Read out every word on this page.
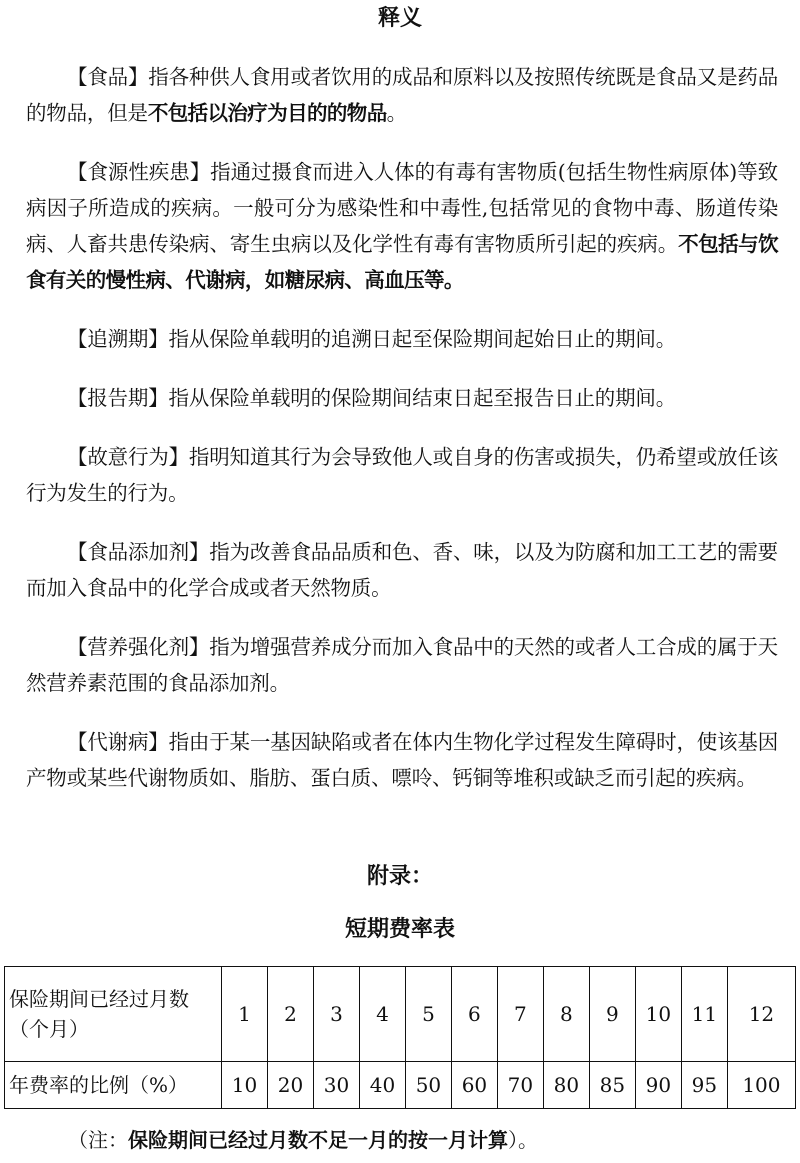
释义

【食品】指各种供人食用或者饮用的成品和原料以及按照传统既是食品又是药品的物品，但是不包括以治疗为目的的物品。

【食源性疾患】指通过摄食而进入人体的有毒有害物质(包括生物性病原体)等致病因子所造成的疾病。一般可分为感染性和中毒性,包括常见的食物中毒、肠道传染病、人畜共患传染病、寄生虫病以及化学性有毒有害物质所引起的疾病。不包括与饮食有关的慢性病、代谢病，如糖尿病、高血压等。

【追溯期】指从保险单载明的追溯日起至保险期间起始日止的期间。

【报告期】指从保险单载明的保险期间结束日起至报告日止的期间。

【故意行为】指明知道其行为会导致他人或自身的伤害或损失，仍希望或放任该行为发生的行为。

【食品添加剂】指为改善食品品质和色、香、味，以及为防腐和加工工艺的需要而加入食品中的化学合成或者天然物质。

【营养强化剂】指为增强营养成分而加入食品中的天然的或者人工合成的属于天然营养素范围的食品添加剂。

【代谢病】指由于某一基因缺陷或者在体内生物化学过程发生障碍时，使该基因产物或某些代谢物质如、脂肪、蛋白质、嘌呤、钙铜等堆积或缺乏而引起的疾病。

附录：
短期费率表
保险期间已经过月数（个月）	1	2	3	4	5	6	7	8	9	10	11	12
年费率的比例（%）	10	20	30	40	50	60	70	80	85	90	95	100

（注：保险期间已经过月数不足一月的按一月计算）。
